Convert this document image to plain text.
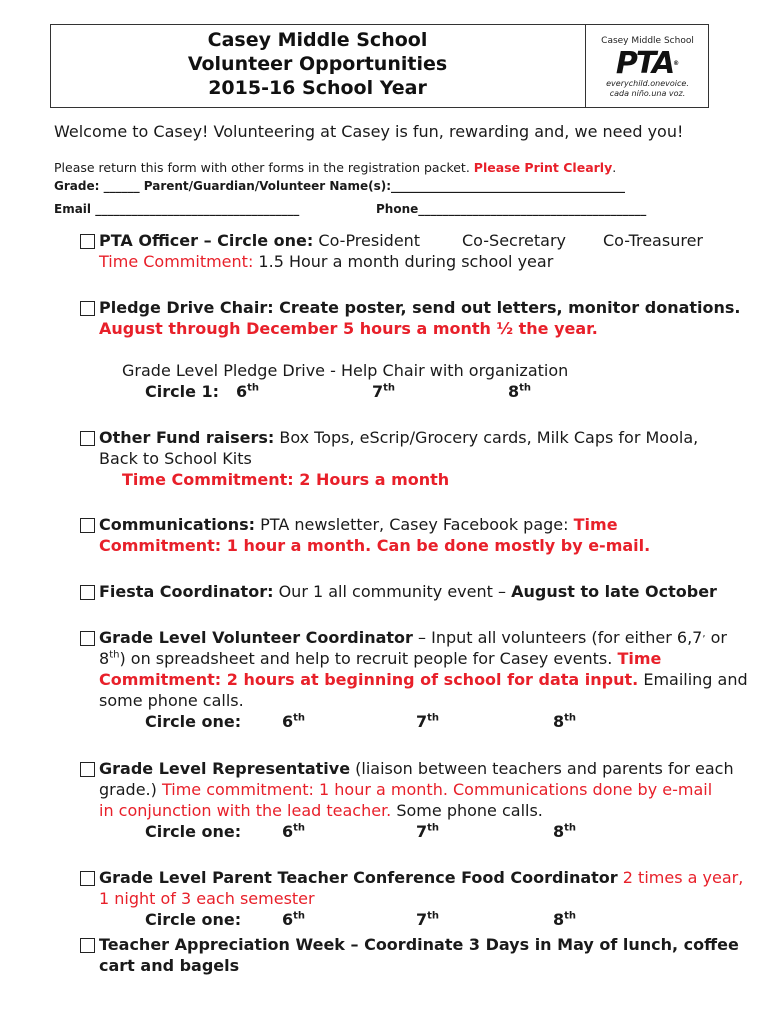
Casey Middle School
Volunteer Opportunities
2015-16 School Year
Casey Middle School
PTA®
everychild.onevoice.
cada niño.una voz.
Welcome to Casey! Volunteering at Casey is fun, rewarding and, we need you!
Please return this form with other forms in the registration packet. Please Print Clearly.
Grade: ______ Parent/Guardian/Volunteer Name(s):_______________________________________
Email __________________________________	Phone______________________________________
PTA Officer – Circle one: Co-President	Co-Secretary Co-Treasurer
Time Commitment: 1.5 Hour a month during school year
Pledge Drive Chair: Create poster, send out letters, monitor donations.
August through December 5 hours a month ½ the year.
Grade Level Pledge Drive - Help Chair with organization
Circle 1: 6th	7th	8th
Other Fund raisers: Box Tops, eScrip/Grocery cards, Milk Caps for Moola,
Back to School Kits
Time Commitment: 2 Hours a month
Communications: PTA newsletter, Casey Facebook page: Time
Commitment: 1 hour a month. Can be done mostly by e-mail.
Fiesta Coordinator: Our 1 all community event – August to late October
Grade Level Volunteer Coordinator – Input all volunteers (for either 6,7, or
8th) on spreadsheet and help to recruit people for Casey events. Time
Commitment: 2 hours at beginning of school for data input. Emailing and
some phone calls.
Circle one:	6th	7th	8th
Grade Level Representative (liaison between teachers and parents for each
grade.) Time commitment: 1 hour a month. Communications done by e-mail
in conjunction with the lead teacher. Some phone calls.
Circle one:	6th	7th	8th
Grade Level Parent Teacher Conference Food Coordinator 2 times a year,
1 night of 3 each semester
Circle one:	6th	7th	8th
Teacher Appreciation Week – Coordinate 3 Days in May of lunch, coffee
cart and bagels
